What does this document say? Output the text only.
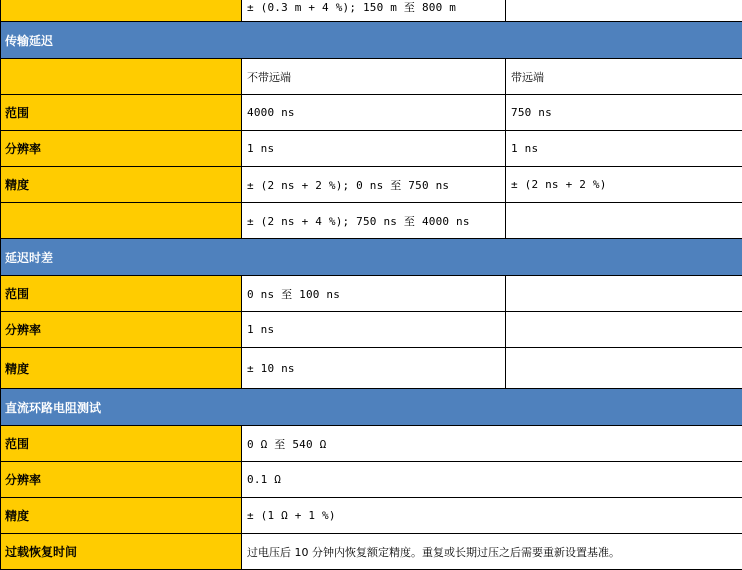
	± (0.3 m + 4 %); 150 m 至 800 m	
传输延迟		
	不带远端	带远端
范围	4000 ns	750 ns
分辨率	1 ns	1 ns
精度	± (2 ns + 2 %); 0 ns 至 750 ns	± (2 ns + 2 %)
	± (2 ns + 4 %); 750 ns 至 4000 ns	
延迟时差		
范围	0 ns 至 100 ns	
分辨率	1 ns	
精度	± 10 ns	
直流环路电阻测试		
范围	0 Ω 至 540 Ω	
分辨率	0.1 Ω	
精度	± (1 Ω + 1 %)	
过载恢复时间	过电压后 10 分钟内恢复额定精度。重复或长期过压之后需要重新设置基准。	
